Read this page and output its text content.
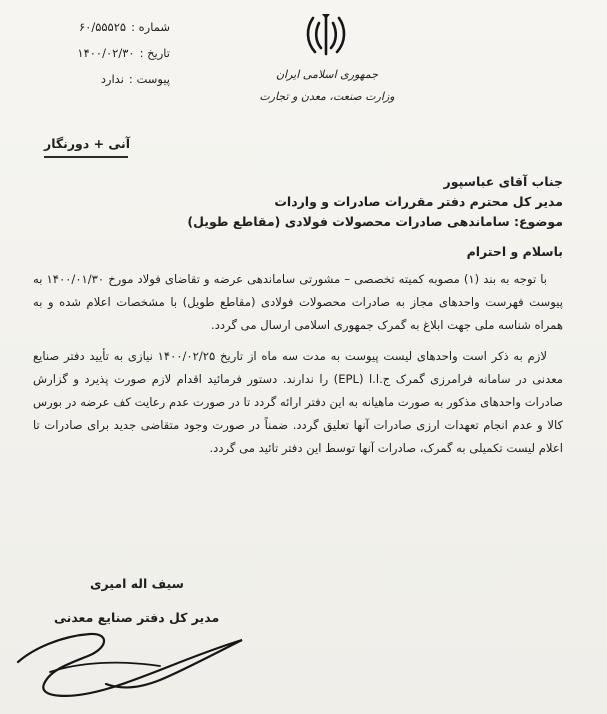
شماره :۶۰/۵۵۵۲۵
تاریخ :۱۴۰۰/۰۲/۳۰
پیوست :ندارد	جمهوری اسلامی ایران
وزارت صنعت، معدن و تجارت
آنی + دورنگار
جناب آقای عباسپور
مدیر کل محترم دفتر مقررات صادرات و واردات
موضوع: ساماندهی صادرات محصولات فولادی (مقاطع طویل)
باسلام و احترام

با توجه به بند (۱) مصوبه کمیته تخصصی – مشورتی ساماندهی عرضه و تقاضای فولاد مورخ ۱۴۰۰/۰۱/۳۰ به پیوست فهرست واحدهای مجاز به صادرات محصولات فولادی (مقاطع طویل) با مشخصات اعلام شده و به همراه شناسه ملی جهت ابلاغ به گمرک جمهوری اسلامی ارسال می گردد.

لازم به ذکر است واحدهای لیست پیوست به مدت سه ماه از تاریخ ۱۴۰۰/۰۲/۲۵ نیازی به تأیید دفتر صنایع معدنی در سامانه فرامرزی گمرک ج.ا.ا (EPL) را ندارند. دستور فرمائید اقدام لازم صورت پذیرد و گزارش صادرات واحدهای مذکور به صورت ماهیانه به این دفتر ارائه گردد تا در صورت عدم رعایت کف عرضه در بورس کالا و عدم انجام تعهدات ارزی صادرات آنها تعلیق گردد. ضمناً در صورت وجود متقاضی جدید برای صادرات تا اعلام لیست تکمیلی به گمرک، صادرات آنها توسط این دفتر تائید می گردد.

سیف اله امیری
مدیر کل دفتر صنایع معدنی
